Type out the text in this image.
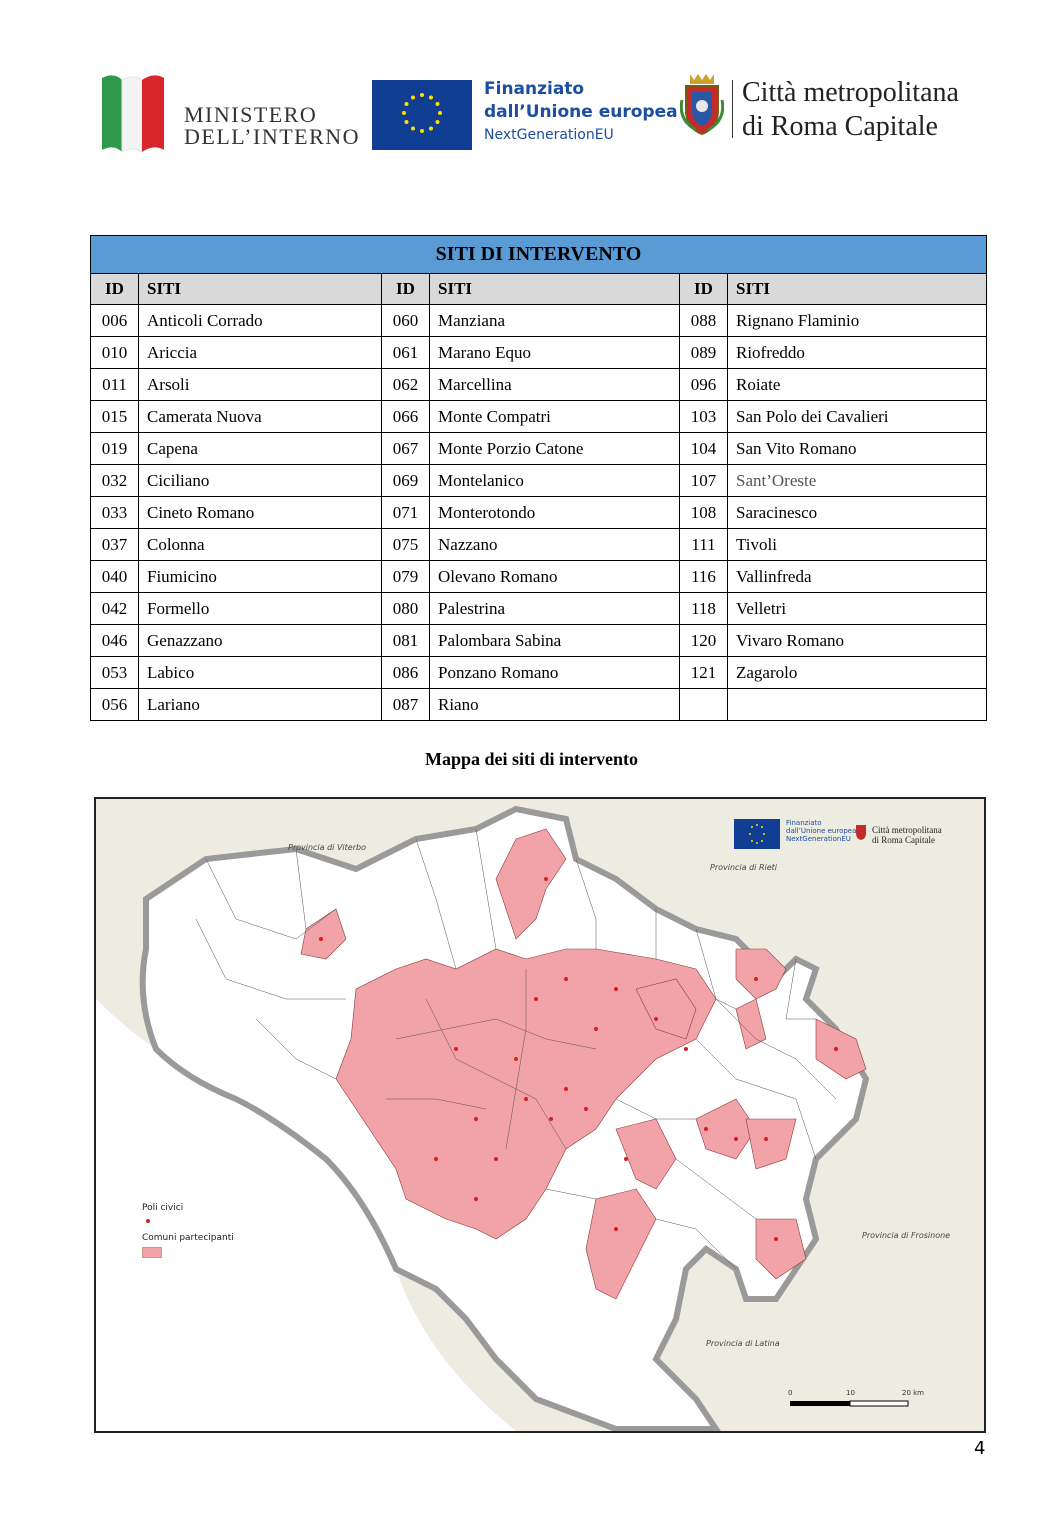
MINISTERO
DELL’INTERNO
Finanziato
dall’Unione europea
NextGenerationEU
Città metropolitana
di Roma Capitale
SITI DI INTERVENTO					
ID	SITI	ID	SITI	ID	SITI
006	Anticoli Corrado	060	Manziana	088	Rignano Flaminio
010	Ariccia	061	Marano Equo	089	Riofreddo
011	Arsoli	062	Marcellina	096	Roiate
015	Camerata Nuova	066	Monte Compatri	103	San Polo dei Cavalieri
019	Capena	067	Monte Porzio Catone	104	San Vito Romano
032	Ciciliano	069	Montelanico	107	Sant’Oreste
033	Cineto Romano	071	Monterotondo	108	Saracinesco
037	Colonna	075	Nazzano	111	Tivoli
040	Fiumicino	079	Olevano Romano	116	Vallinfreda
042	Formello	080	Palestrina	118	Velletri
046	Genazzano	081	Palombara Sabina	120	Vivaro Romano
053	Labico	086	Ponzano Romano	121	Zagarolo
056	Lariano	087	Riano		
Mappa dei siti di intervento
Provincia di Viterbo
Provincia di Rieti
Provincia di Frosinone
Provincia di Latina
Finanziato
dall’Unione europea
NextGenerationEU
Città metropolitana
di Roma Capitale
Poli civici
Comuni partecipanti
0	10	20 km
4
